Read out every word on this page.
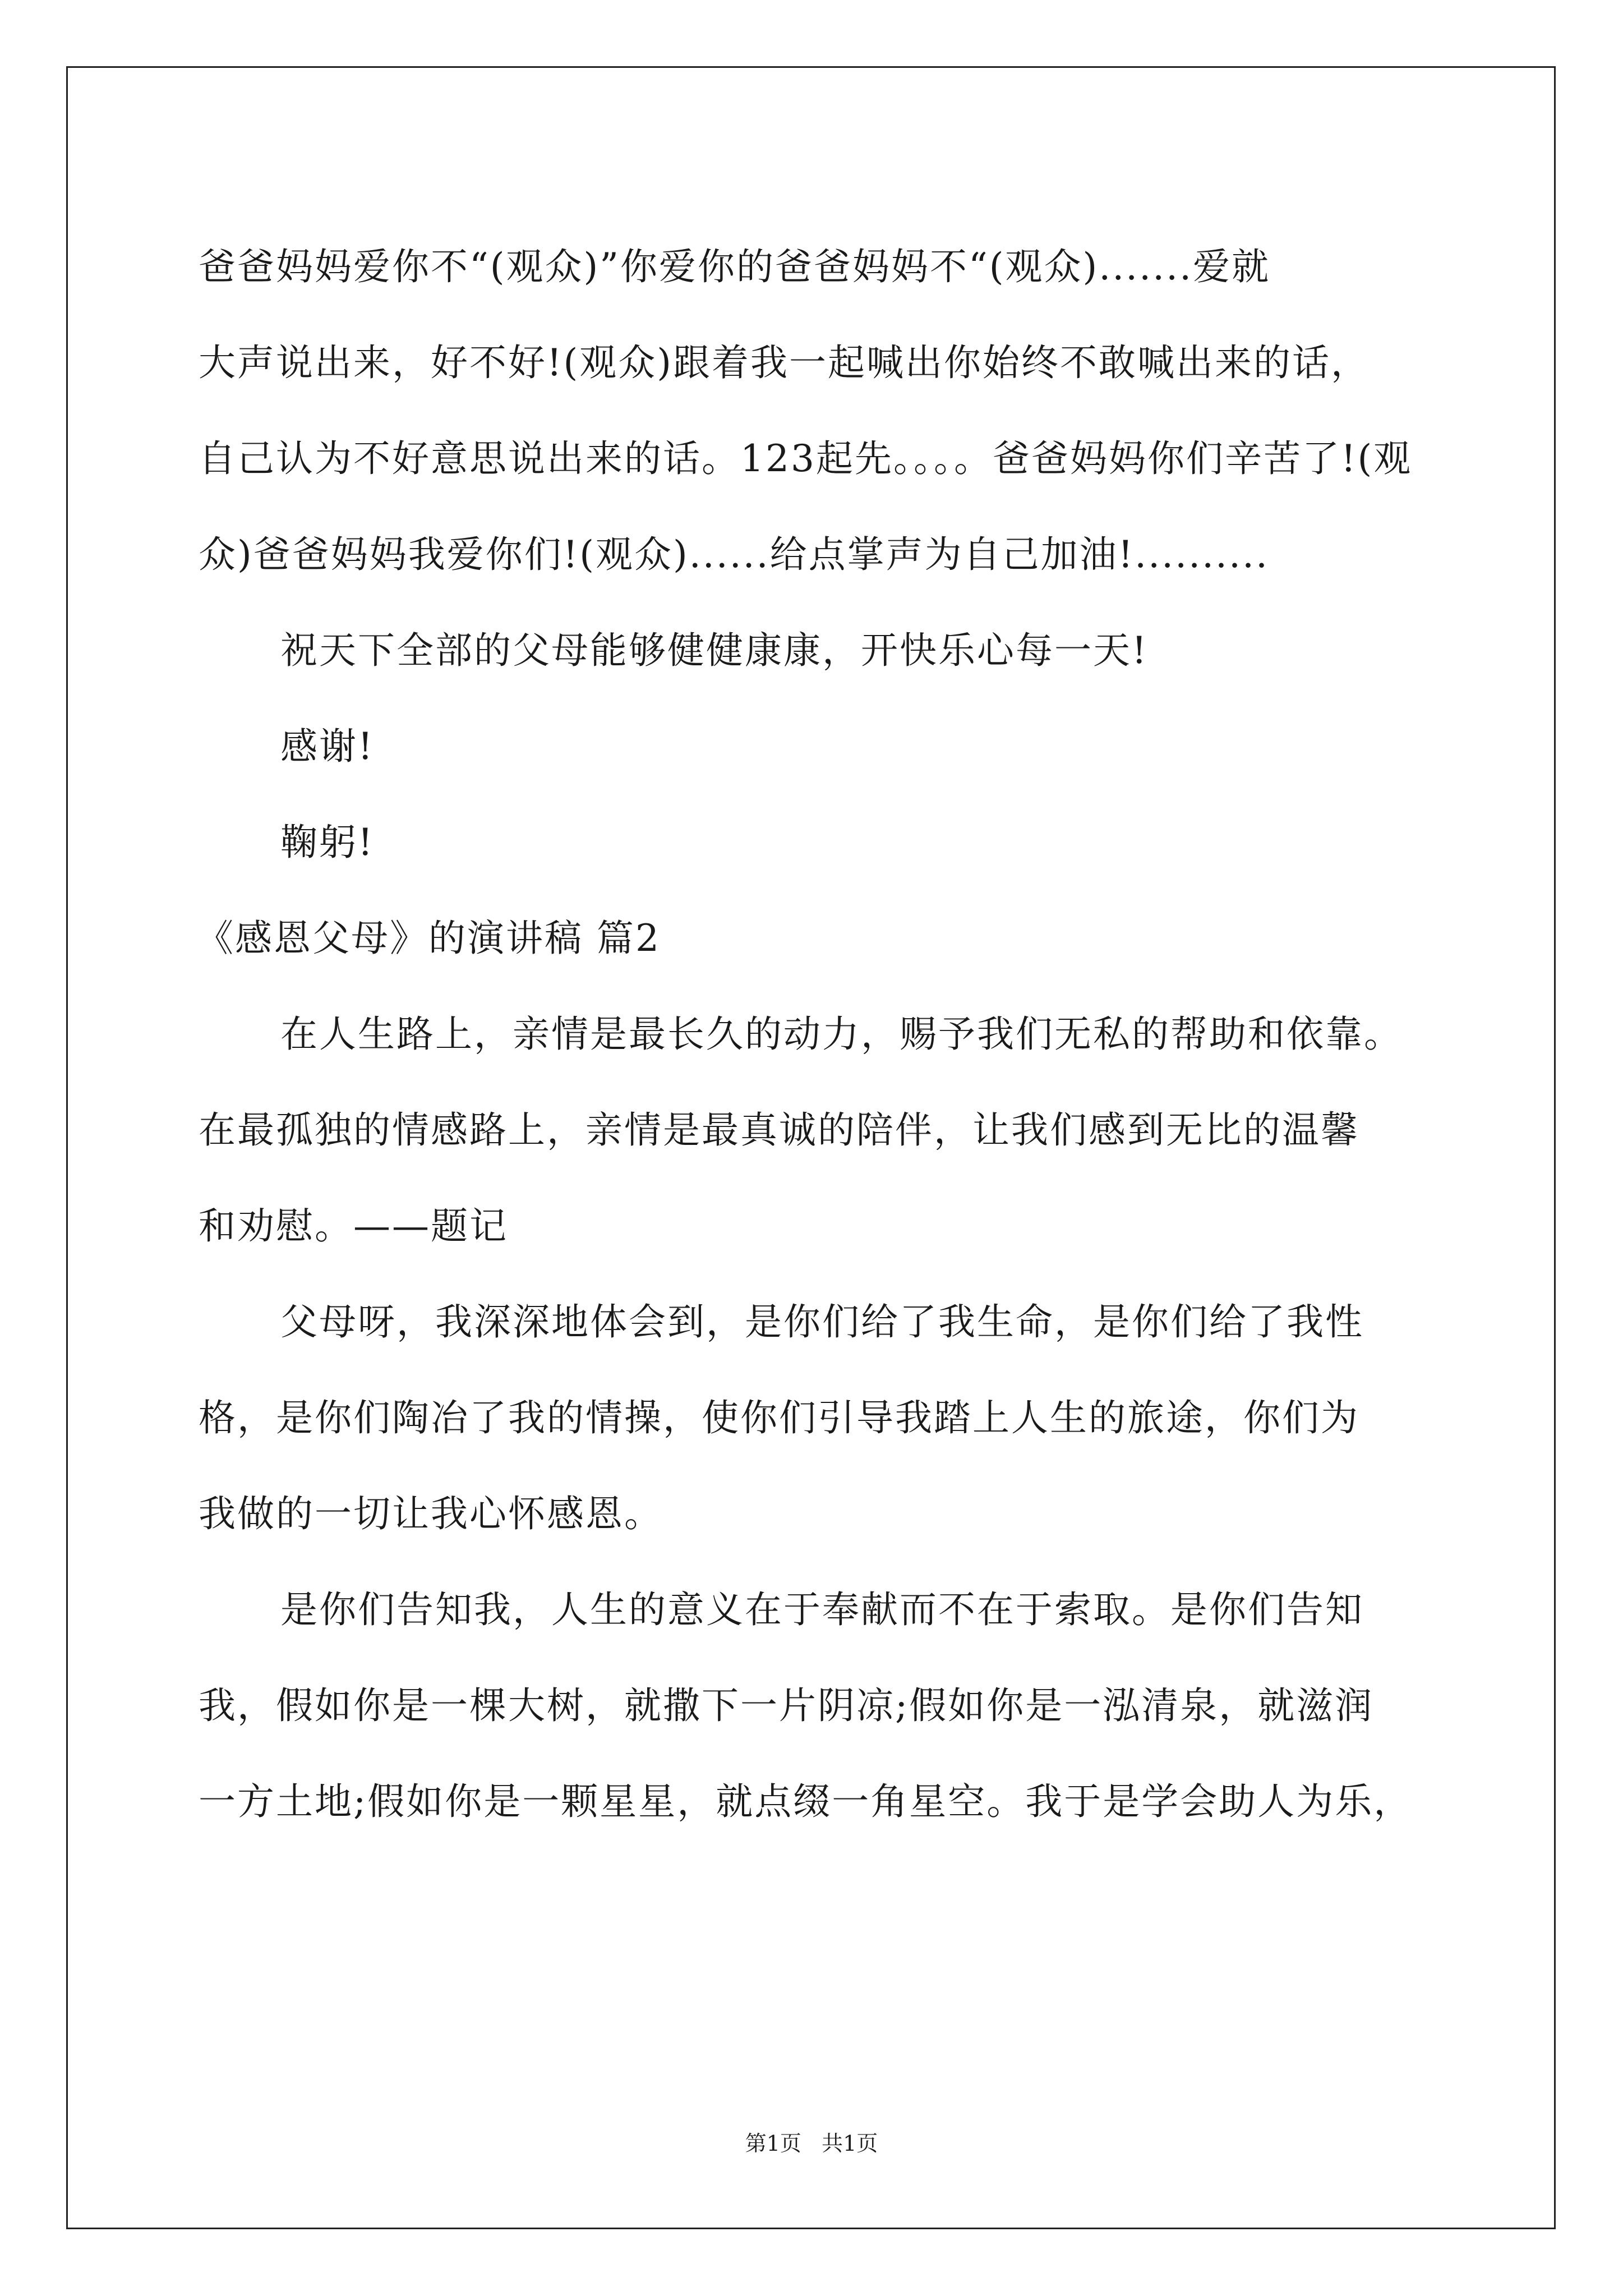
爸爸妈妈爱你不“(观众)”你爱你的爸爸妈妈不“(观众).......爱就
大声说出来，好不好!(观众)跟着我一起喊出你始终不敢喊出来的话，
自己认为不好意思说出来的话。123起先。。。。爸爸妈妈你们辛苦了!(观
众)爸爸妈妈我爱你们!(观众)......给点掌声为自己加油!..........
祝天下全部的父母能够健健康康，开快乐心每一天!
感谢!
鞠躬!
《感恩父母》的演讲稿 篇2
在人生路上，亲情是最长久的动力，赐予我们无私的帮助和依靠。
在最孤独的情感路上，亲情是最真诚的陪伴，让我们感到无比的温馨
和劝慰。——题记
父母呀，我深深地体会到，是你们给了我生命，是你们给了我性
格，是你们陶冶了我的情操，使你们引导我踏上人生的旅途，你们为
我做的一切让我心怀感恩。
是你们告知我，人生的意义在于奉献而不在于索取。是你们告知
我，假如你是一棵大树，就撒下一片阴凉;假如你是一泓清泉，就滋润
一方土地;假如你是一颗星星，就点缀一角星空。我于是学会助人为乐，
第1页 共1页
